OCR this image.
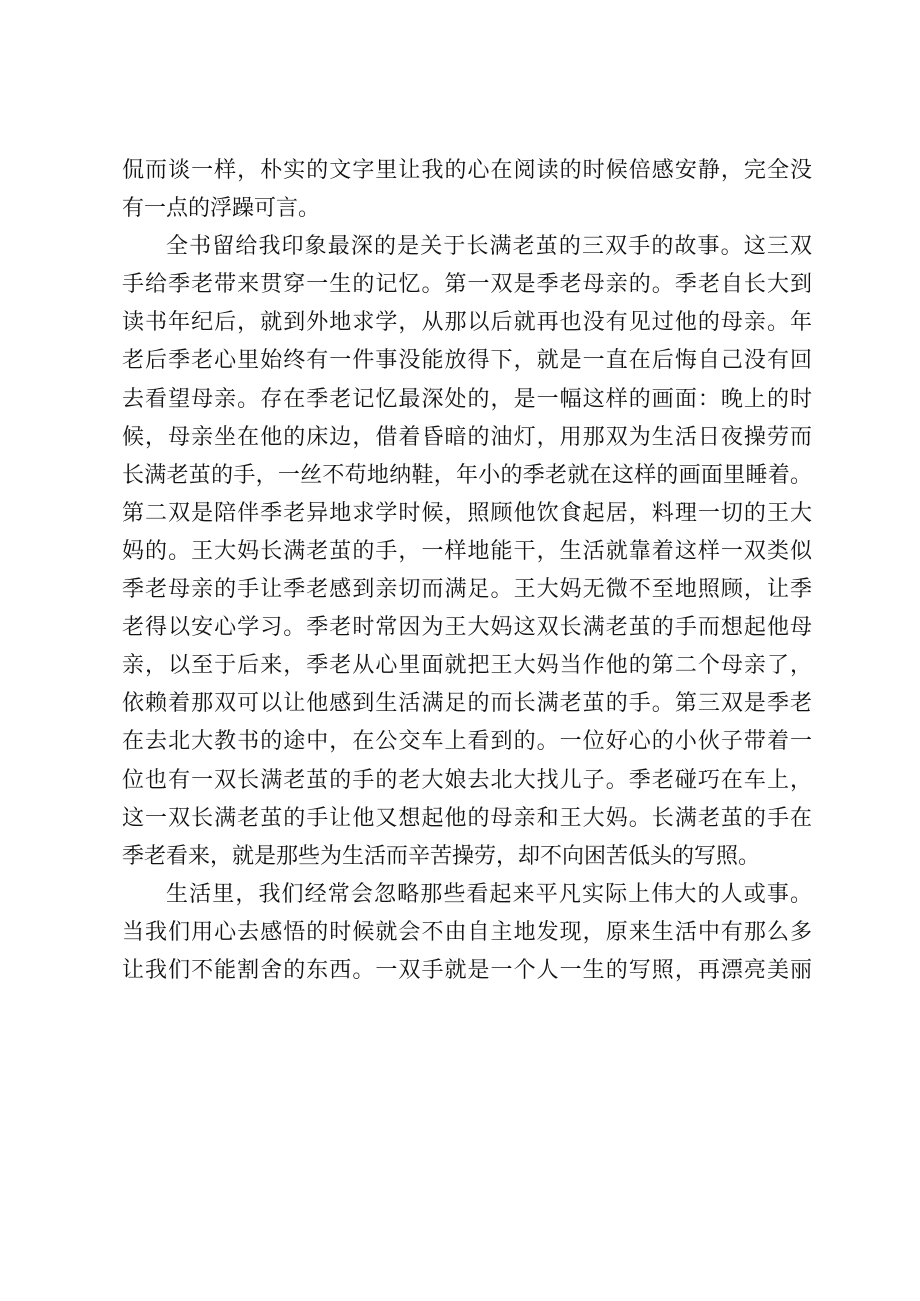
侃而谈一样，朴实的文字里让我的心在阅读的时候倍感安静，完全没
有一点的浮躁可言。
全书留给我印象最深的是关于长满老茧的三双手的故事。这三双
手给季老带来贯穿一生的记忆。第一双是季老母亲的。季老自长大到
读书年纪后，就到外地求学，从那以后就再也没有见过他的母亲。年
老后季老心里始终有一件事没能放得下，就是一直在后悔自己没有回
去看望母亲。存在季老记忆最深处的，是一幅这样的画面：晚上的时
候，母亲坐在他的床边，借着昏暗的油灯，用那双为生活日夜操劳而
长满老茧的手，一丝不苟地纳鞋，年小的季老就在这样的画面里睡着。
第二双是陪伴季老异地求学时候，照顾他饮食起居，料理一切的王大
妈的。王大妈长满老茧的手，一样地能干，生活就靠着这样一双类似
季老母亲的手让季老感到亲切而满足。王大妈无微不至地照顾，让季
老得以安心学习。季老时常因为王大妈这双长满老茧的手而想起他母
亲，以至于后来，季老从心里面就把王大妈当作他的第二个母亲了，
依赖着那双可以让他感到生活满足的而长满老茧的手。第三双是季老
在去北大教书的途中，在公交车上看到的。一位好心的小伙子带着一
位也有一双长满老茧的手的老大娘去北大找儿子。季老碰巧在车上，
这一双长满老茧的手让他又想起他的母亲和王大妈。长满老茧的手在
季老看来，就是那些为生活而辛苦操劳，却不向困苦低头的写照。
生活里，我们经常会忽略那些看起来平凡实际上伟大的人或事。
当我们用心去感悟的时候就会不由自主地发现，原来生活中有那么多
让我们不能割舍的东西。一双手就是一个人一生的写照，再漂亮美丽
